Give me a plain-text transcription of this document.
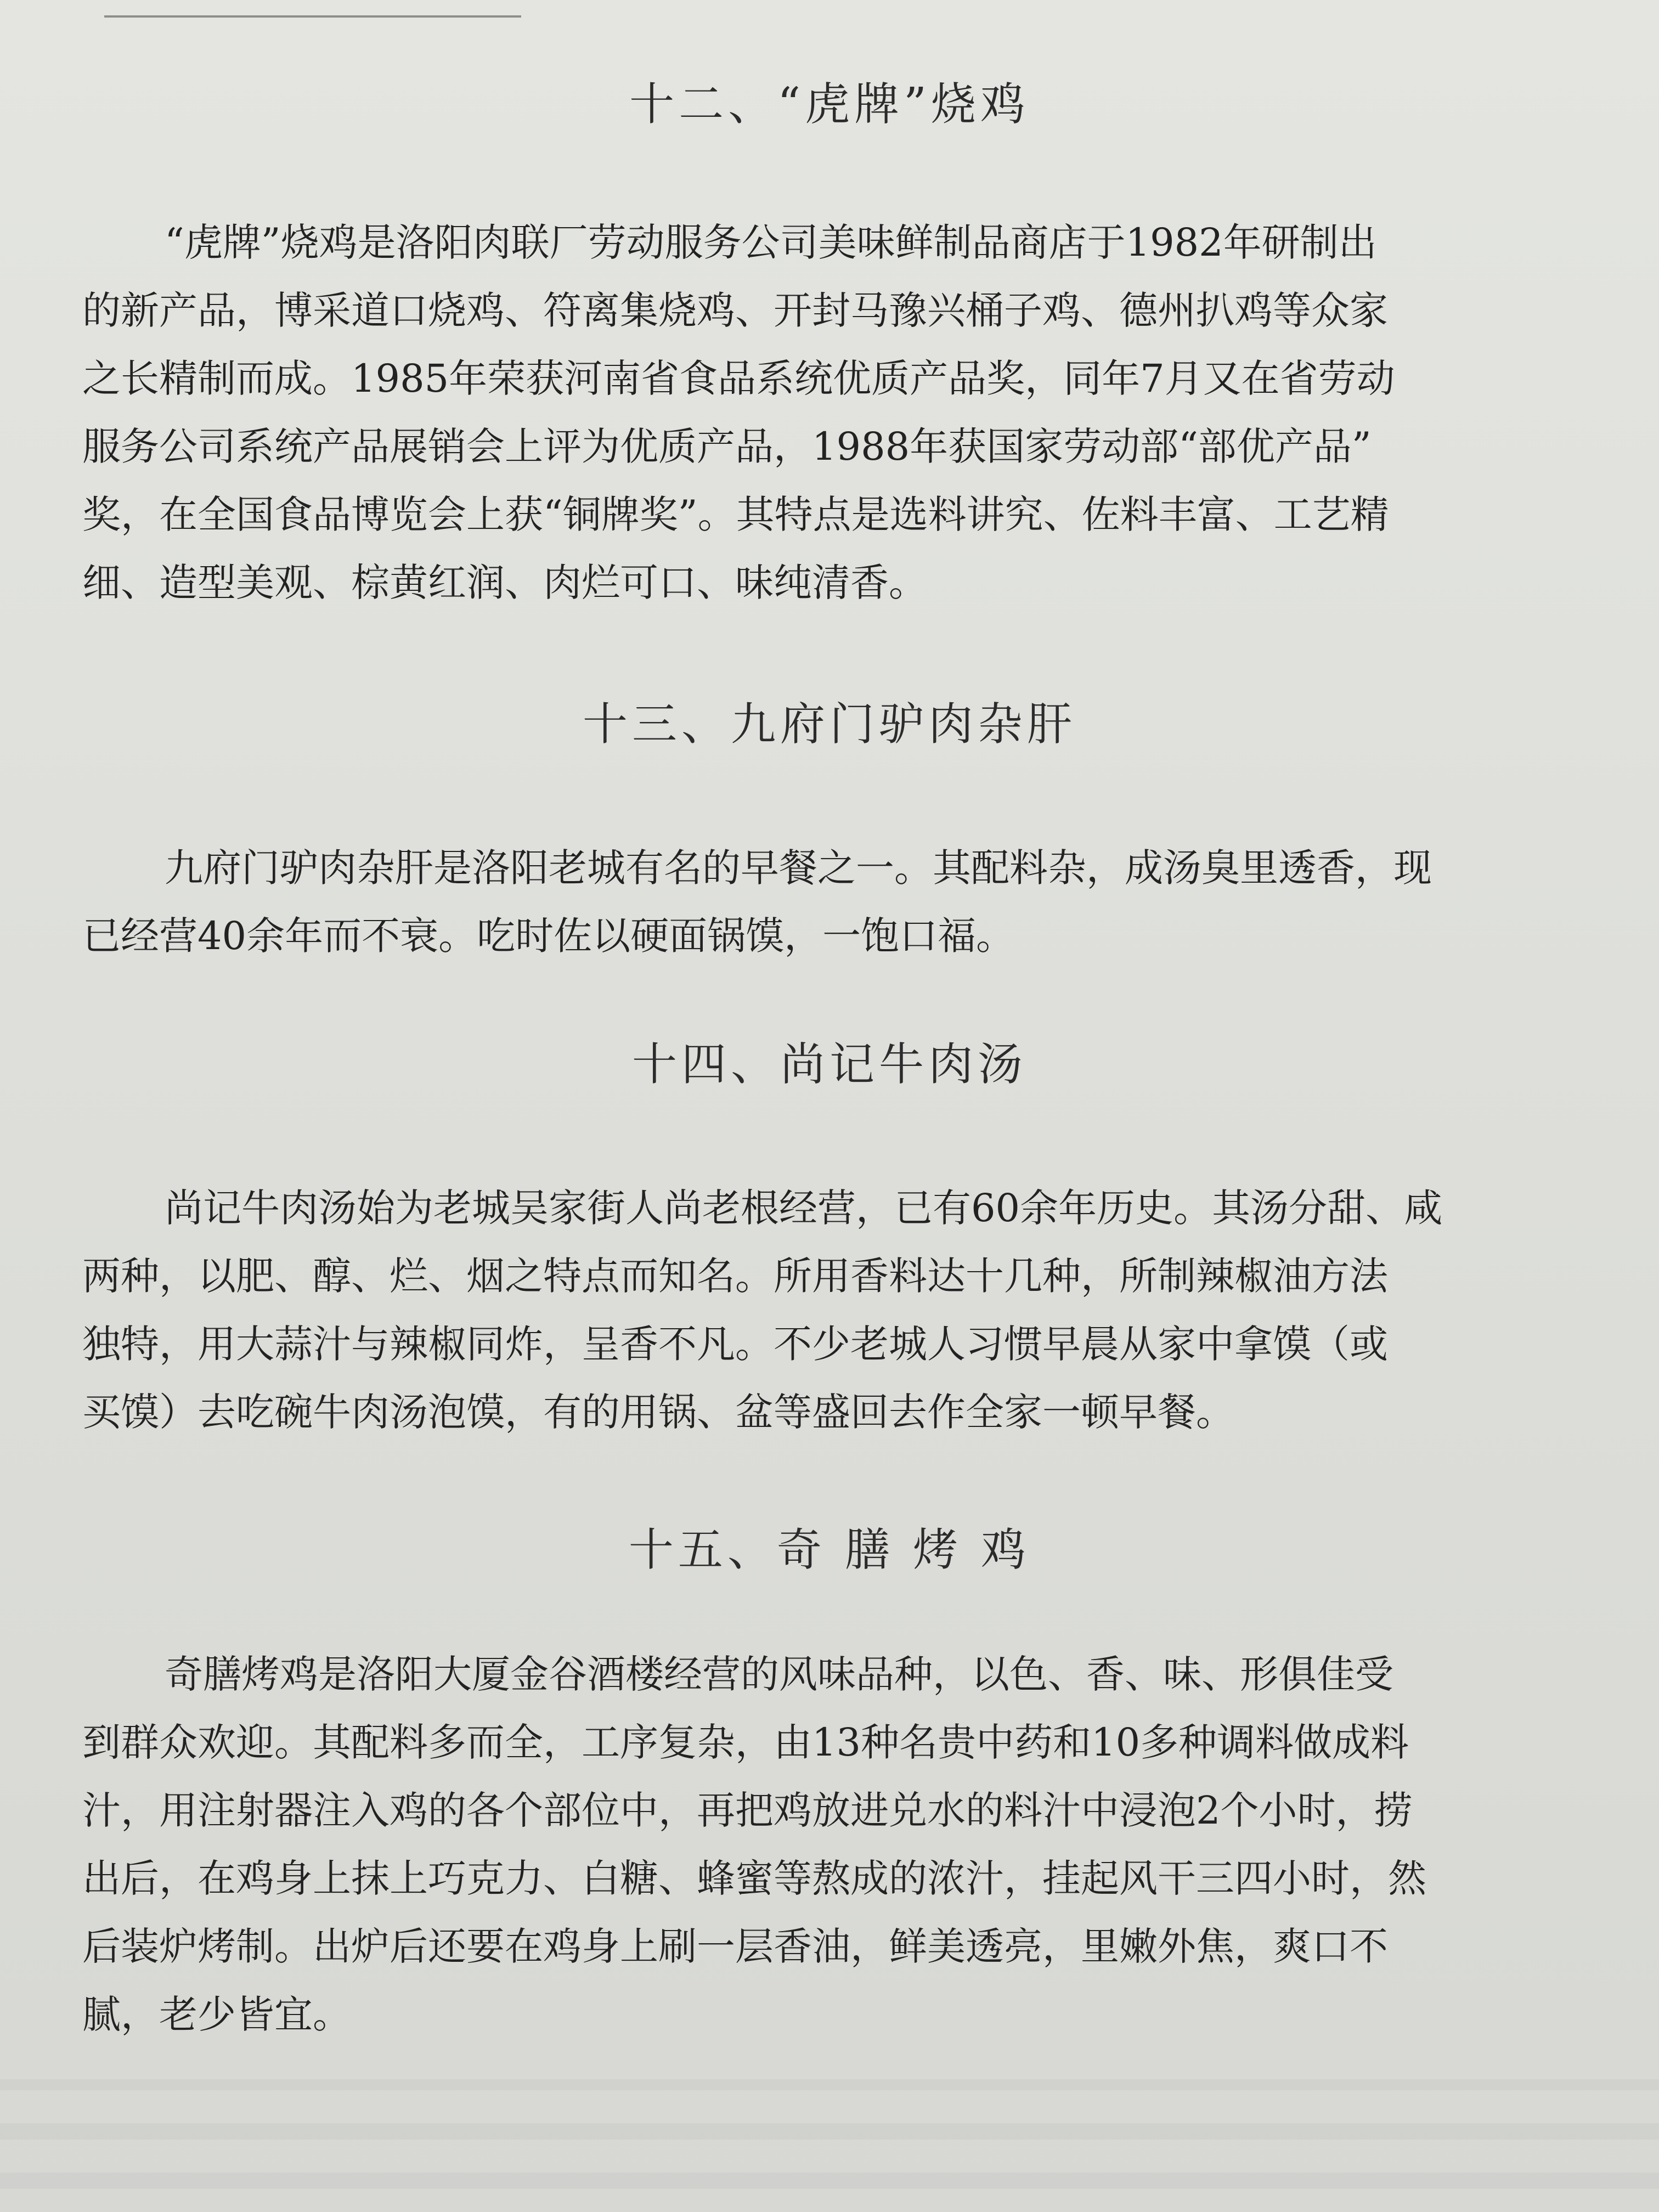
十二、“虎牌”烧鸡
“虎牌”烧鸡是洛阳肉联厂劳动服务公司美味鲜制品商店于1982年研制出
的新产品，博采道口烧鸡、符离集烧鸡、开封马豫兴桶子鸡、德州扒鸡等众家
之长精制而成。1985年荣获河南省食品系统优质产品奖，同年7月又在省劳动
服务公司系统产品展销会上评为优质产品，1988年获国家劳动部“部优产品”
奖，在全国食品博览会上获“铜牌奖”。其特点是选料讲究、佐料丰富、工艺精
细、造型美观、棕黄红润、肉烂可口、味纯清香。
十三、九府门驴肉杂肝
九府门驴肉杂肝是洛阳老城有名的早餐之一。其配料杂，成汤臭里透香，现
已经营40余年而不衰。吃时佐以硬面锅馍，一饱口福。
十四、尚记牛肉汤
尚记牛肉汤始为老城吴家街人尚老根经营，已有60余年历史。其汤分甜、咸
两种，以肥、醇、烂、烟之特点而知名。所用香料达十几种，所制辣椒油方法
独特，用大蒜汁与辣椒同炸，呈香不凡。不少老城人习惯早晨从家中拿馍（或
买馍）去吃碗牛肉汤泡馍，有的用锅、盆等盛回去作全家一顿早餐。
十五、奇 膳 烤 鸡
奇膳烤鸡是洛阳大厦金谷酒楼经营的风味品种，以色、香、味、形俱佳受
到群众欢迎。其配料多而全，工序复杂，由13种名贵中药和10多种调料做成料
汁，用注射器注入鸡的各个部位中，再把鸡放进兑水的料汁中浸泡2个小时，捞
出后，在鸡身上抹上巧克力、白糖、蜂蜜等熬成的浓汁，挂起风干三四小时，然
后装炉烤制。出炉后还要在鸡身上刷一层香油，鲜美透亮，里嫩外焦，爽口不
腻，老少皆宜。
